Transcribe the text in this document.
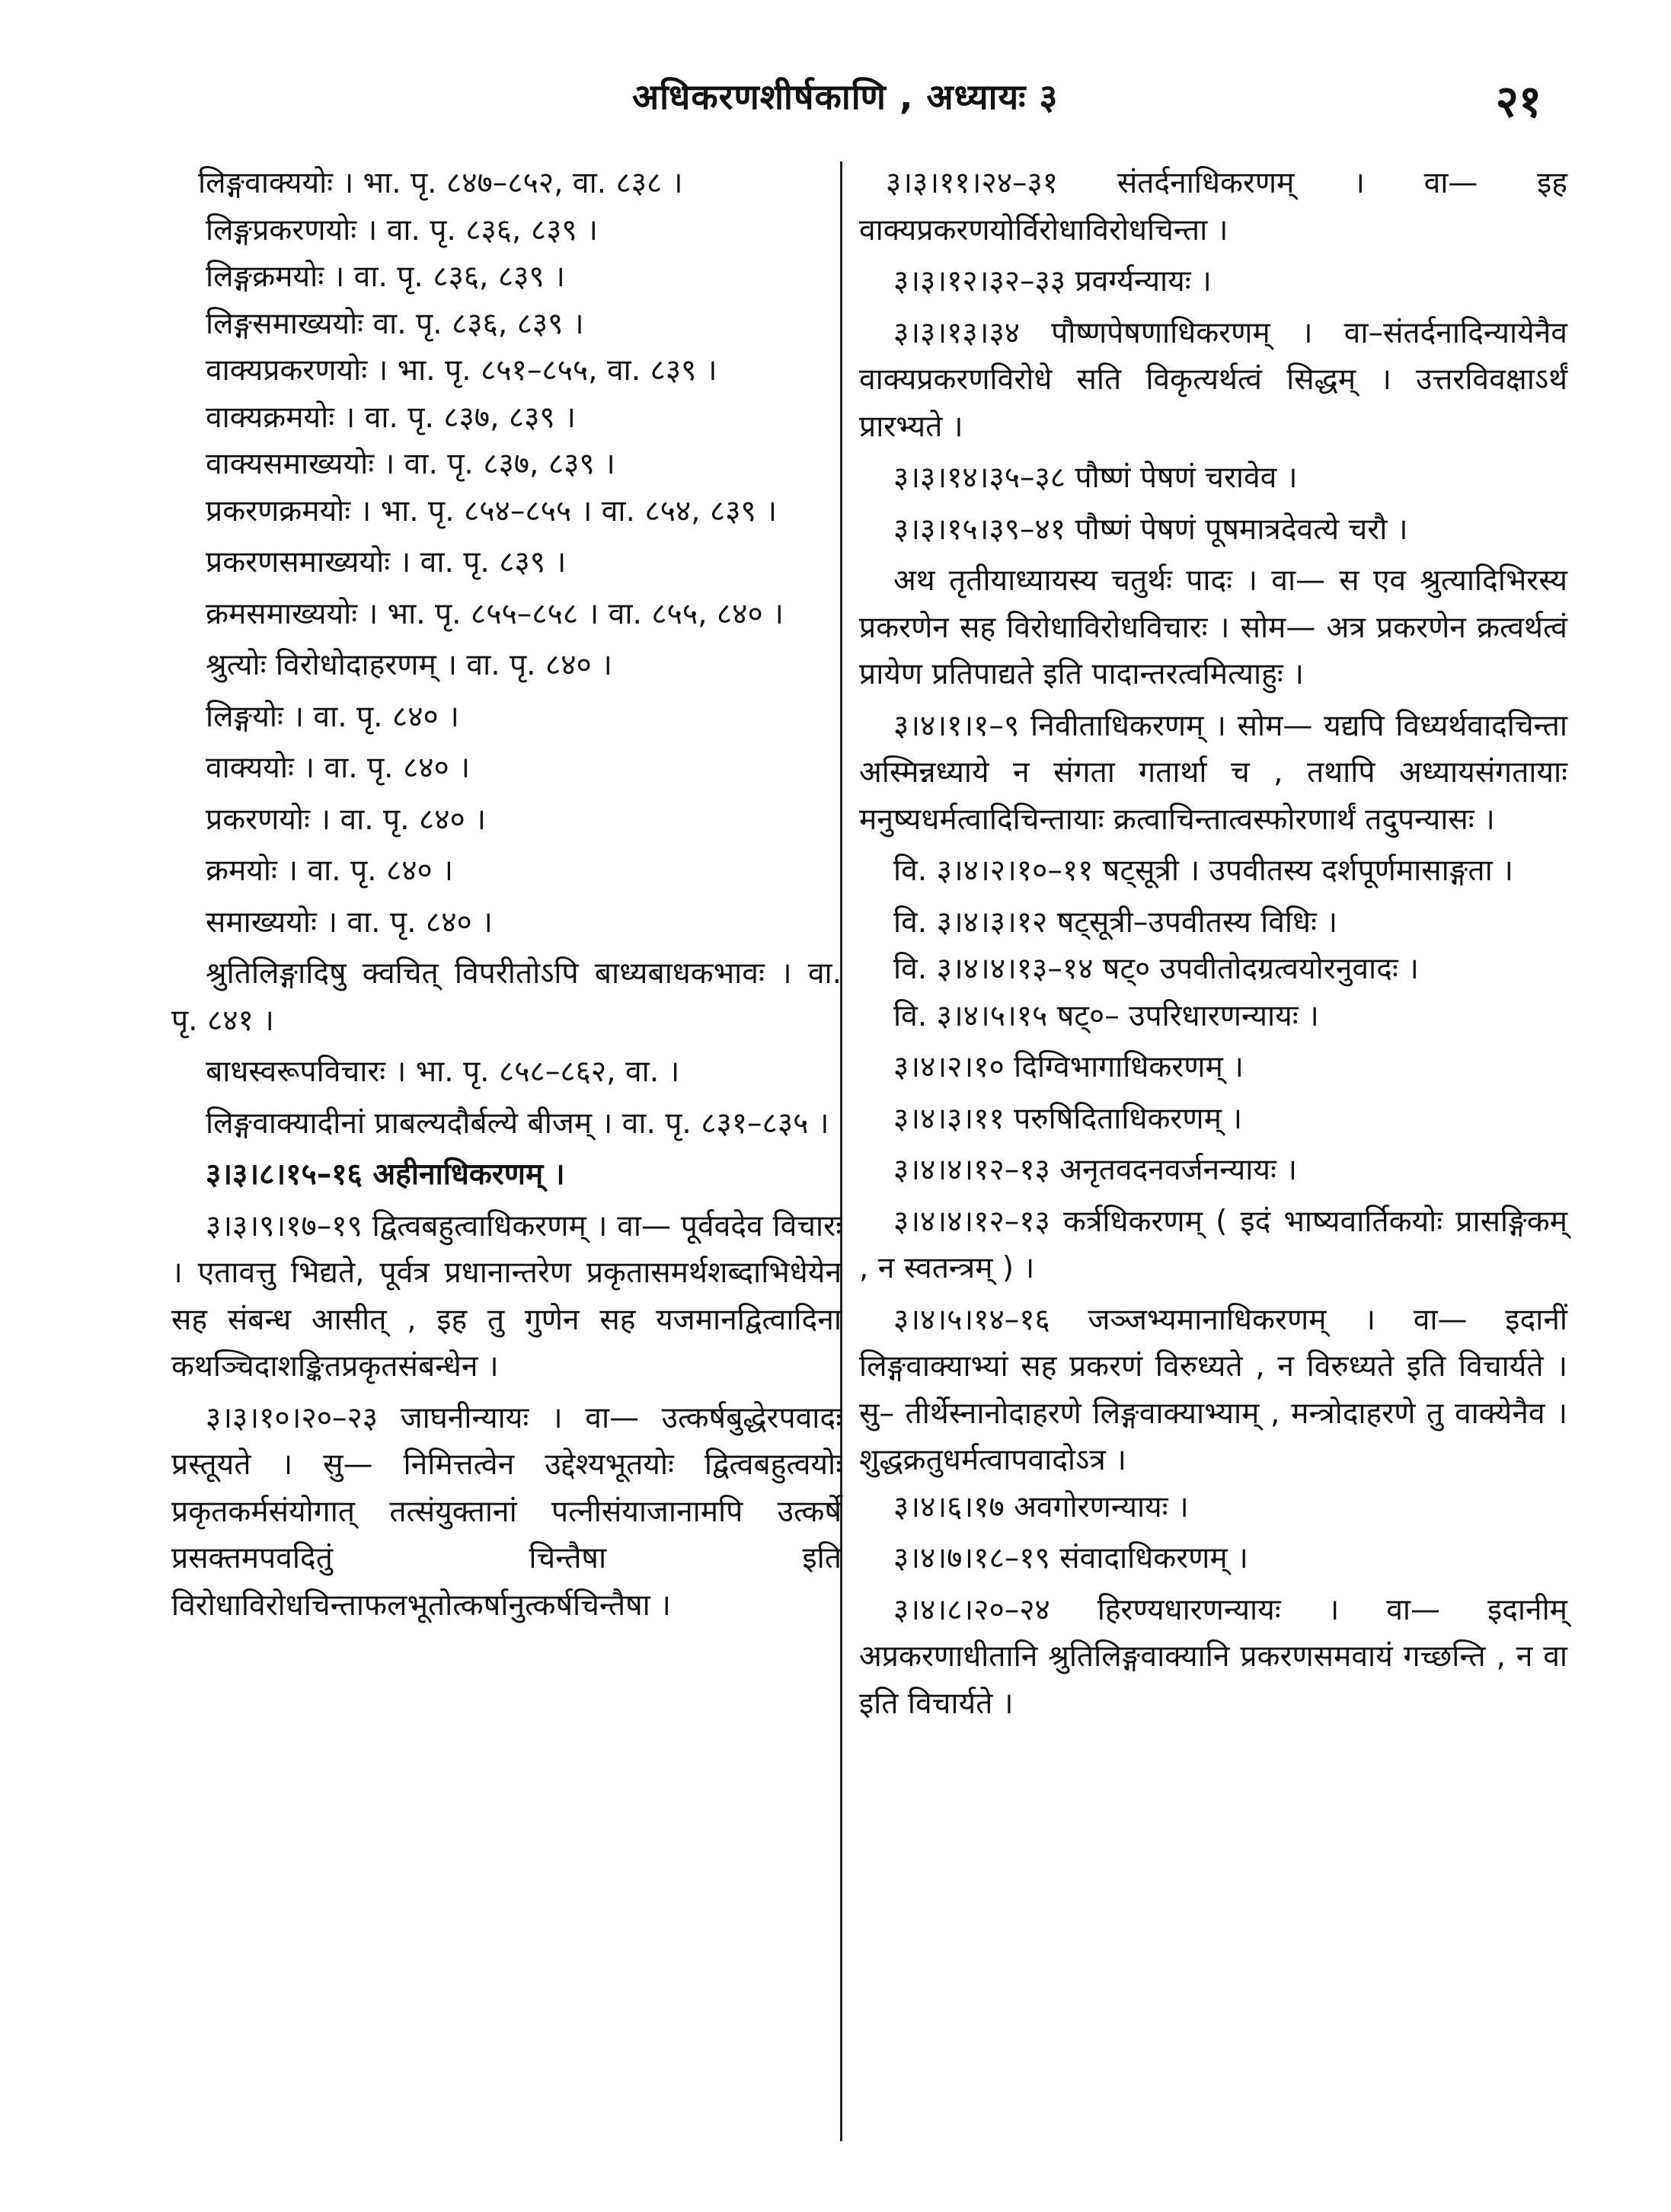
अधिकरणशीर्षकाणि , अध्यायः ३	२१

लिङ्गवाक्ययोः । भा. पृ. ८४७–८५२, वा. ८३८ ।

लिङ्गप्रकरणयोः । वा. पृ. ८३६, ८३९ ।

लिङ्गक्रमयोः । वा. पृ. ८३६, ८३९ ।

लिङ्गसमाख्ययोः वा. पृ. ८३६, ८३९ ।

वाक्यप्रकरणयोः । भा. पृ. ८५१–८५५, वा. ८३९ ।

वाक्यक्रमयोः । वा. पृ. ८३७, ८३९ ।

वाक्यसमाख्ययोः । वा. पृ. ८३७, ८३९ ।

प्रकरणक्रमयोः । भा. पृ. ८५४–८५५ । वा. ८५४, ८३९ ।

प्रकरणसमाख्ययोः । वा. पृ. ८३९ ।

क्रमसमाख्ययोः । भा. पृ. ८५५–८५८ । वा. ८५५, ८४० ।

श्रुत्योः विरोधोदाहरणम् । वा. पृ. ८४० ।

लिङ्गयोः । वा. पृ. ८४० ।

वाक्ययोः । वा. पृ. ८४० ।

प्रकरणयोः । वा. पृ. ८४० ।

क्रमयोः । वा. पृ. ८४० ।

समाख्ययोः । वा. पृ. ८४० ।

श्रुतिलिङ्गादिषु क्वचित् विपरीतोऽपि बाध्यबाधकभावः । वा. पृ. ८४१ ।

बाधस्वरूपविचारः । भा. पृ. ८५८–८६२, वा. ।

लिङ्गवाक्यादीनां प्राबल्यदौर्बल्ये बीजम् । वा. पृ. ८३१–८३५ ।

३।३।८।१५–१६ अहीनाधिकरणम् ।

३।३।९।१७–१९ द्वित्वबहुत्वाधिकरणम् । वा— पूर्ववदेव विचारः । एतावत्तु भिद्यते, पूर्वत्र प्रधानान्तरेण प्रकृतासमर्थशब्दाभिधेयेन सह संबन्ध आसीत् , इह तु गुणेन सह यजमानद्वित्वादिना कथञ्चिदाशङ्कितप्रकृतसंबन्धेन ।

३।३।१०।२०–२३ जाघनीन्यायः । वा— उत्कर्षबुद्धेरपवादः प्रस्तूयते । सु— निमित्तत्वेन उद्देश्यभूतयोः द्वित्वबहुत्वयोः प्रकृतकर्मसंयोगात् तत्संयुक्तानां पत्नीसंयाजानामपि उत्कर्षे प्रसक्तमपवदितुं चिन्तैषा इति विरोधाविरोधचिन्ताफलभूतोत्कर्षानुत्कर्षचिन्तैषा ।

३।३।११।२४–३१ संतर्दनाधिकरणम् । वा— इह वाक्यप्रकरणयोर्विरोधाविरोधचिन्ता ।

३।३।१२।३२–३३ प्रवर्ग्यन्यायः ।

३।३।१३।३४ पौष्णपेषणाधिकरणम् । वा–संतर्दनादिन्यायेनैव वाक्यप्रकरणविरोधे सति विकृत्यर्थत्वं सिद्धम् । उत्तरविवक्षाऽर्थं प्रारभ्यते ।

३।३।१४।३५–३८ पौष्णं पेषणं चरावेव ।

३।३।१५।३९–४१ पौष्णं पेषणं पूषमात्रदेवत्ये चरौ ।

अथ तृतीयाध्यायस्य चतुर्थः पादः । वा— स एव श्रुत्यादिभिरस्य प्रकरणेन सह विरोधाविरोधविचारः । सोम— अत्र प्रकरणेन क्रत्वर्थत्वं प्रायेण प्रतिपाद्यते इति पादान्तरत्वमित्याहुः ।

३।४।१।१–९ निवीताधिकरणम् । सोम— यद्यपि विध्यर्थवादचिन्ता अस्मिन्नध्याये न संगता गतार्था च , तथापि अध्यायसंगतायाः मनुष्यधर्मत्वादिचिन्तायाः क्रत्वाचिन्तात्वस्फोरणार्थं तदुपन्यासः ।

वि. ३।४।२।१०–११ षट्सूत्री । उपवीतस्य दर्शपूर्णमासाङ्गता ।

वि. ३।४।३।१२ षट्सूत्री–उपवीतस्य विधिः ।

वि. ३।४।४।१३–१४ षट्० उपवीतोदग्रत्वयोरनुवादः ।

वि. ३।४।५।१५ षट्०– उपरिधारणन्यायः ।

३।४।२।१० दिग्विभागाधिकरणम् ।

३।४।३।११ परुषिदिताधिकरणम् ।

३।४।४।१२–१३ अनृतवदनवर्जनन्यायः ।

३।४।४।१२–१३ कर्त्रधिकरणम् ( इदं भाष्यवार्तिकयोः प्रासङ्गिकम् , न स्वतन्त्रम् ) ।

३।४।५।१४–१६ जञ्जभ्यमानाधिकरणम् । वा— इदानीं लिङ्गवाक्याभ्यां सह प्रकरणं विरुध्यते , न विरुध्यते इति विचार्यते । सु– तीर्थेस्नानोदाहरणे लिङ्गवाक्याभ्याम् , मन्त्रोदाहरणे तु वाक्येनैव । शुद्धक्रतुधर्मत्वापवादोऽत्र ।

३।४।६।१७ अवगोरणन्यायः ।

३।४।७।१८–१९ संवादाधिकरणम् ।

३।४।८।२०–२४ हिरण्यधारणन्यायः । वा— इदानीम् अप्रकरणाधीतानि श्रुतिलिङ्गवाक्यानि प्रकरणसमवायं गच्छन्ति , न वा इति विचार्यते ।
